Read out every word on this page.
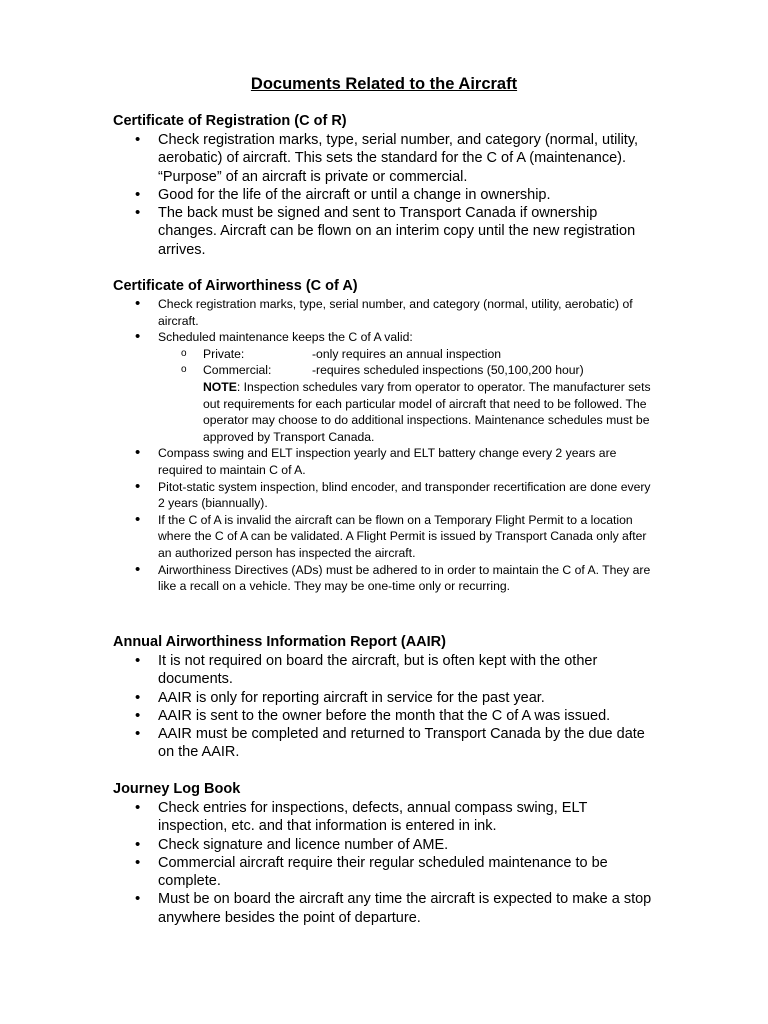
Documents Related to the Aircraft
Certificate of Registration (C of R)
• Check registration marks, type, serial number, and category (normal, utility, aerobatic) of aircraft. This sets the standard for the C of A (maintenance). “Purpose” of an aircraft is private or commercial.
• Good for the life of the aircraft or until a change in ownership.
• The back must be signed and sent to Transport Canada if ownership changes. Aircraft can be flown on an interim copy until the new registration arrives.
Certificate of Airworthiness (C of A)
• Check registration marks, type, serial number, and category (normal, utility, aerobatic) of aircraft.
• Scheduled maintenance keeps the C of A valid:
o Private:	-only requires an annual inspection
o Commercial:	-requires scheduled inspections (50,100,200 hour)
NOTE: Inspection schedules vary from operator to operator. The manufacturer sets out requirements for each particular model of aircraft that need to be followed. The operator may choose to do additional inspections. Maintenance schedules must be approved by Transport Canada.
• Compass swing and ELT inspection yearly and ELT battery change every 2 years are required to maintain C of A.
• Pitot-static system inspection, blind encoder, and transponder recertification are done every 2 years (biannually).
• If the C of A is invalid the aircraft can be flown on a Temporary Flight Permit to a location where the C of A can be validated. A Flight Permit is issued by Transport Canada only after an authorized person has inspected the aircraft.
• Airworthiness Directives (ADs) must be adhered to in order to maintain the C of A. They are like a recall on a vehicle. They may be one-time only or recurring.
Annual Airworthiness Information Report (AAIR)
• It is not required on board the aircraft, but is often kept with the other documents.
• AAIR is only for reporting aircraft in service for the past year.
• AAIR is sent to the owner before the month that the C of A was issued.
• AAIR must be completed and returned to Transport Canada by the due date on the AAIR.
Journey Log Book
• Check entries for inspections, defects, annual compass swing, ELT inspection, etc. and that information is entered in ink.
• Check signature and licence number of AME.
• Commercial aircraft require their regular scheduled maintenance to be complete.
• Must be on board the aircraft any time the aircraft is expected to make a stop anywhere besides the point of departure.
